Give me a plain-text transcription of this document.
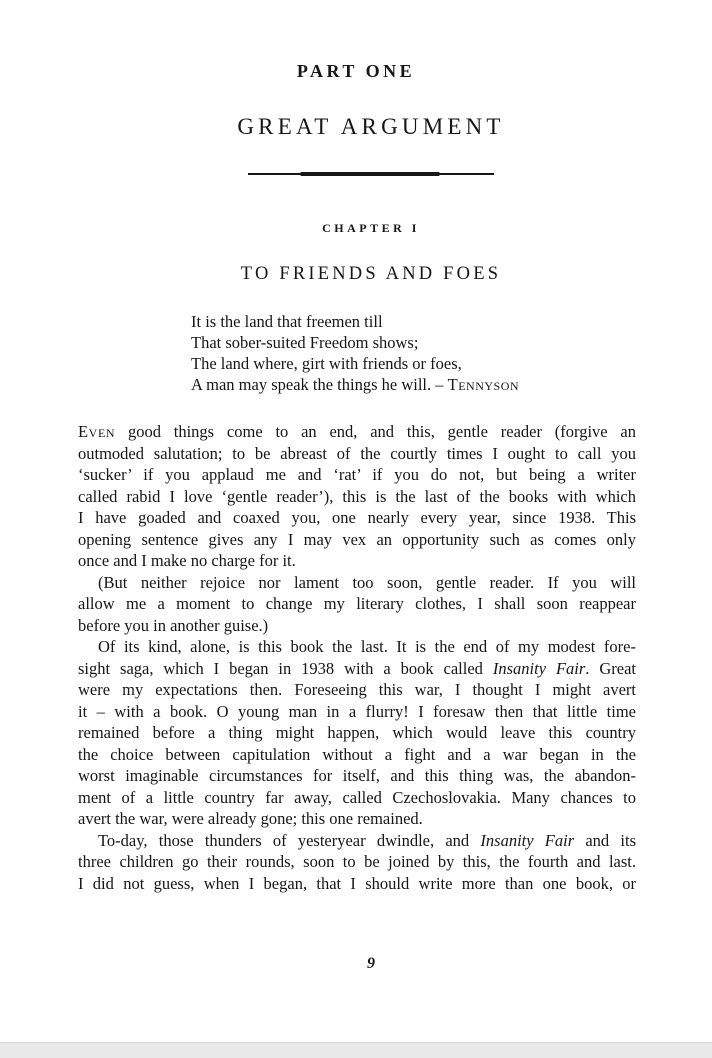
PART ONE
GREAT ARGUMENT
CHAPTER I
TO FRIENDS AND FOES
It is the land that freemen till
That sober-suited Freedom shows;
The land where, girt with friends or foes,
A man may speak the things he will. – Tennyson
Even good things come to an end, and this, gentle reader (forgive an
outmoded salutation; to be abreast of the courtly times I ought to call you
‘sucker’ if you applaud me and ‘rat’ if you do not, but being a writer
called rabid I love ‘gentle reader’), this is the last of the books with which
I have goaded and coaxed you, one nearly every year, since 1938. This
opening sentence gives any I may vex an opportunity such as comes only
once and I make no charge for it.
(But neither rejoice nor lament too soon, gentle reader. If you will
allow me a moment to change my literary clothes, I shall soon reappear
before you in another guise.)
Of its kind, alone, is this book the last. It is the end of my modest fore-
sight saga, which I began in 1938 with a book called Insanity Fair. Great
were my expectations then. Foreseeing this war, I thought I might avert
it – with a book. O young man in a flurry! I foresaw then that little time
remained before a thing might happen, which would leave this country
the choice between capitulation without a fight and a war began in the
worst imaginable circumstances for itself, and this thing was, the abandon-
ment of a little country far away, called Czechoslovakia. Many chances to
avert the war, were already gone; this one remained.
To-day, those thunders of yesteryear dwindle, and Insanity Fair and its
three children go their rounds, soon to be joined by this, the fourth and last.
I did not guess, when I began, that I should write more than one book, or
9
